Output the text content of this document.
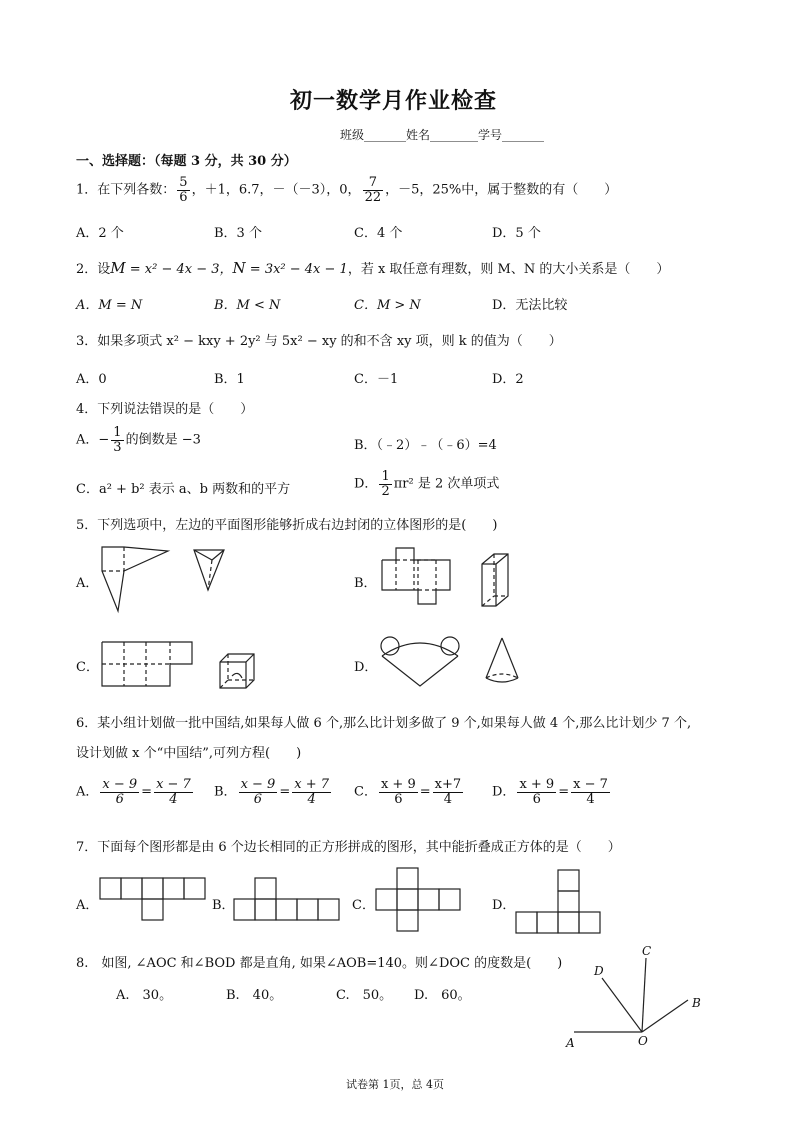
初一数学月作业检查
班级_______姓名________学号_______
一、选择题：（每题 3 分，共 30 分）
1．在下列各数： $\frac{5}{6}$ ，＋1，6.7，－（－3），0， $\frac{7}{22}$ ，－5，25%中，属于整数的有（　　）
A．2 个	B．3 个	C．4 个	D．5 个
2．设M = x² − 4x − 3，N = 3x² − 4x − 1，若 x 取任意有理数，则 M、N 的大小关系是（　　）
A．M = N	B．M < N	C．M > N	D．无法比较
3．如果多项式 x² − kxy + 2y² 与 5x² − xy 的和不含 xy 项，则 k 的值为（　　）
A．0	B．1	C．－1	D．2
4．下列说法错误的是（　　）
A．− $\frac{1}{3}$ 的倒数是 −3	B．（﹣2）﹣（﹣6）=4
C．a² + b² 表示 a、b 两数和的平方	D． $\frac{1}{2} \pi r^2$ 是 2 次单项式
5．下列选项中，左边的平面图形能够折成右边封闭的立体图形的是(　　)
A．	B．
C．	D．
6．某小组计划做一批中国结,如果每人做 6 个,那么比计划多做了 9 个,如果每人做 4 个,那么比计划少 7 个,
设计划做 x 个“中国结”,可列方程(　　)
A． $\frac{x - 9}{6} = \frac{x - 7}{4}$ B． $\frac{x - 9}{6} = \frac{x + 7}{4}$ C． $\frac{x + 9}{6} = \frac{x+7}{4}$ D． $\frac{x + 9}{6} = \frac{x - 7}{4}$
7．下面每个图形都是由 6 个边长相同的正方形拼成的图形，其中能折叠成正方体的是（　　）
A．	B．	C．	D．
8.　如图, ∠AOC 和∠BOD 都是直角, 如果∠AOB=140。则∠DOC 的度数是(　　)
A.　30。	B.　40。	C.　50。 D.　60。
C
D
B
A	O
试卷第 1页，总 4页
